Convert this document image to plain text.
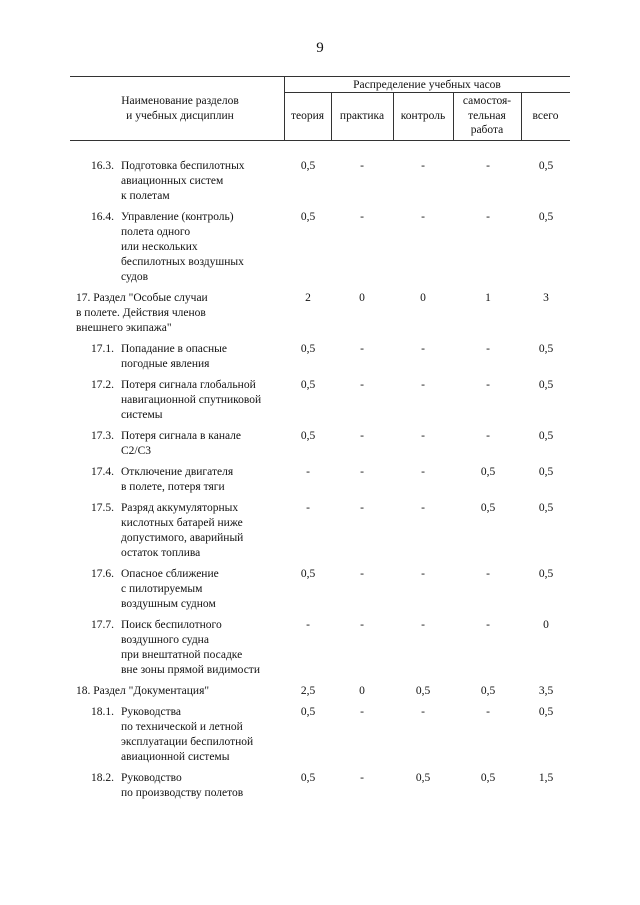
9
Наименование разделов
и учебных дисциплин
Распределение учебных часов
теория	практика	контроль
самостоя-
тельная
работа
всего
16.3. Подготовка беспилотных
авиационных систем
к полетам
0,5	-	-	-	0,5
16.4. Управление (контроль)
полета одного
или нескольких
беспилотных воздушных
судов
0,5	-	-	-	0,5
17. Раздел "Особые случаи
в полете. Действия членов
внешнего экипажа"
2	0	0	1	3
17.1. Попадание в опасные
погодные явления
0,5	-	-	-	0,5
17.2. Потеря сигнала глобальной
навигационной спутниковой
системы
0,5	-	-	-	0,5
17.3. Потеря сигнала в канале
C2/C3
0,5	-	-	-	0,5
17.4. Отключение двигателя
в полете, потеря тяги
-	-	-	0,5	0,5
17.5. Разряд аккумуляторных
кислотных батарей ниже
допустимого, аварийный
остаток топлива
-	-	-	0,5	0,5
17.6. Опасное сближение
с пилотируемым
воздушным судном
0,5	-	-	-	0,5
17.7. Поиск беспилотного
воздушного судна
при внештатной посадке
вне зоны прямой видимости
-	-	-	-	0
18. Раздел "Документация"	2,5	0	0,5	0,5	3,5
18.1. Руководства
по технической и летной
эксплуатации беспилотной
авиационной системы
0,5	-	-	-	0,5
18.2. Руководство
по производству полетов
0,5	-	0,5	0,5	1,5
